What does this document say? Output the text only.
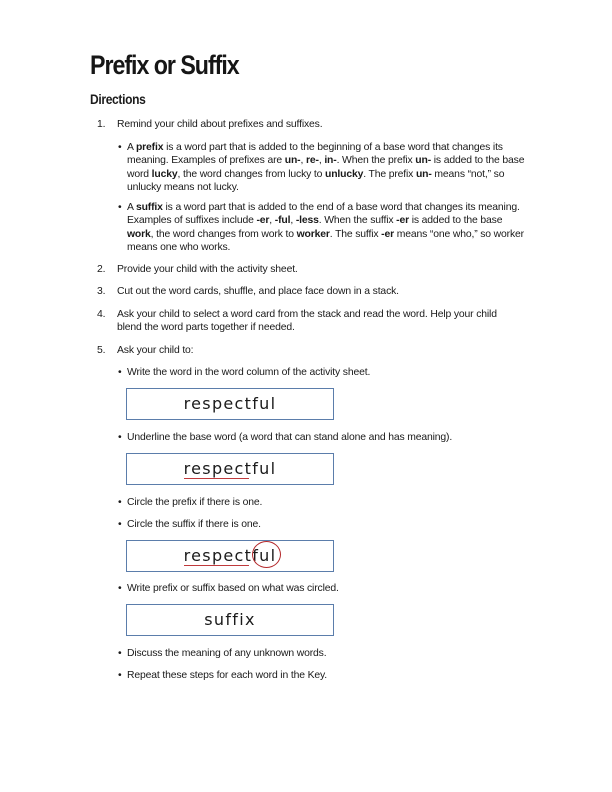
Prefix or Suffix
Directions
1. Remind your child about prefixes and suffixes.
• A prefix is a word part that is added to the beginning of a base word that changes its meaning. Examples of prefixes are un-, re-, in-. When the prefix un- is added to the base word lucky, the word changes from lucky to unlucky. The prefix un- means “not,” so unlucky means not lucky.
• A suffix is a word part that is added to the end of a base word that changes its meaning. Examples of suffixes include -er, -ful, -less. When the suffix -er is added to the base work, the word changes from work to worker. The suffix -er means “one who,” so worker means one who works.
2. Provide your child with the activity sheet.
3. Cut out the word cards, shuffle, and place face down in a stack.
4. Ask your child to select a word card from the stack and read the word. Help your child blend the word parts together if needed.
5. Ask your child to:
• Write the word in the word column of the activity sheet.
respectful
• Underline the base word (a word that can stand alone and has meaning).
respectful
• Circle the prefix if there is one.
• Circle the suffix if there is one.
respectful
• Write prefix or suffix based on what was circled.
suffix
• Discuss the meaning of any unknown words.
• Repeat these steps for each word in the Key.
